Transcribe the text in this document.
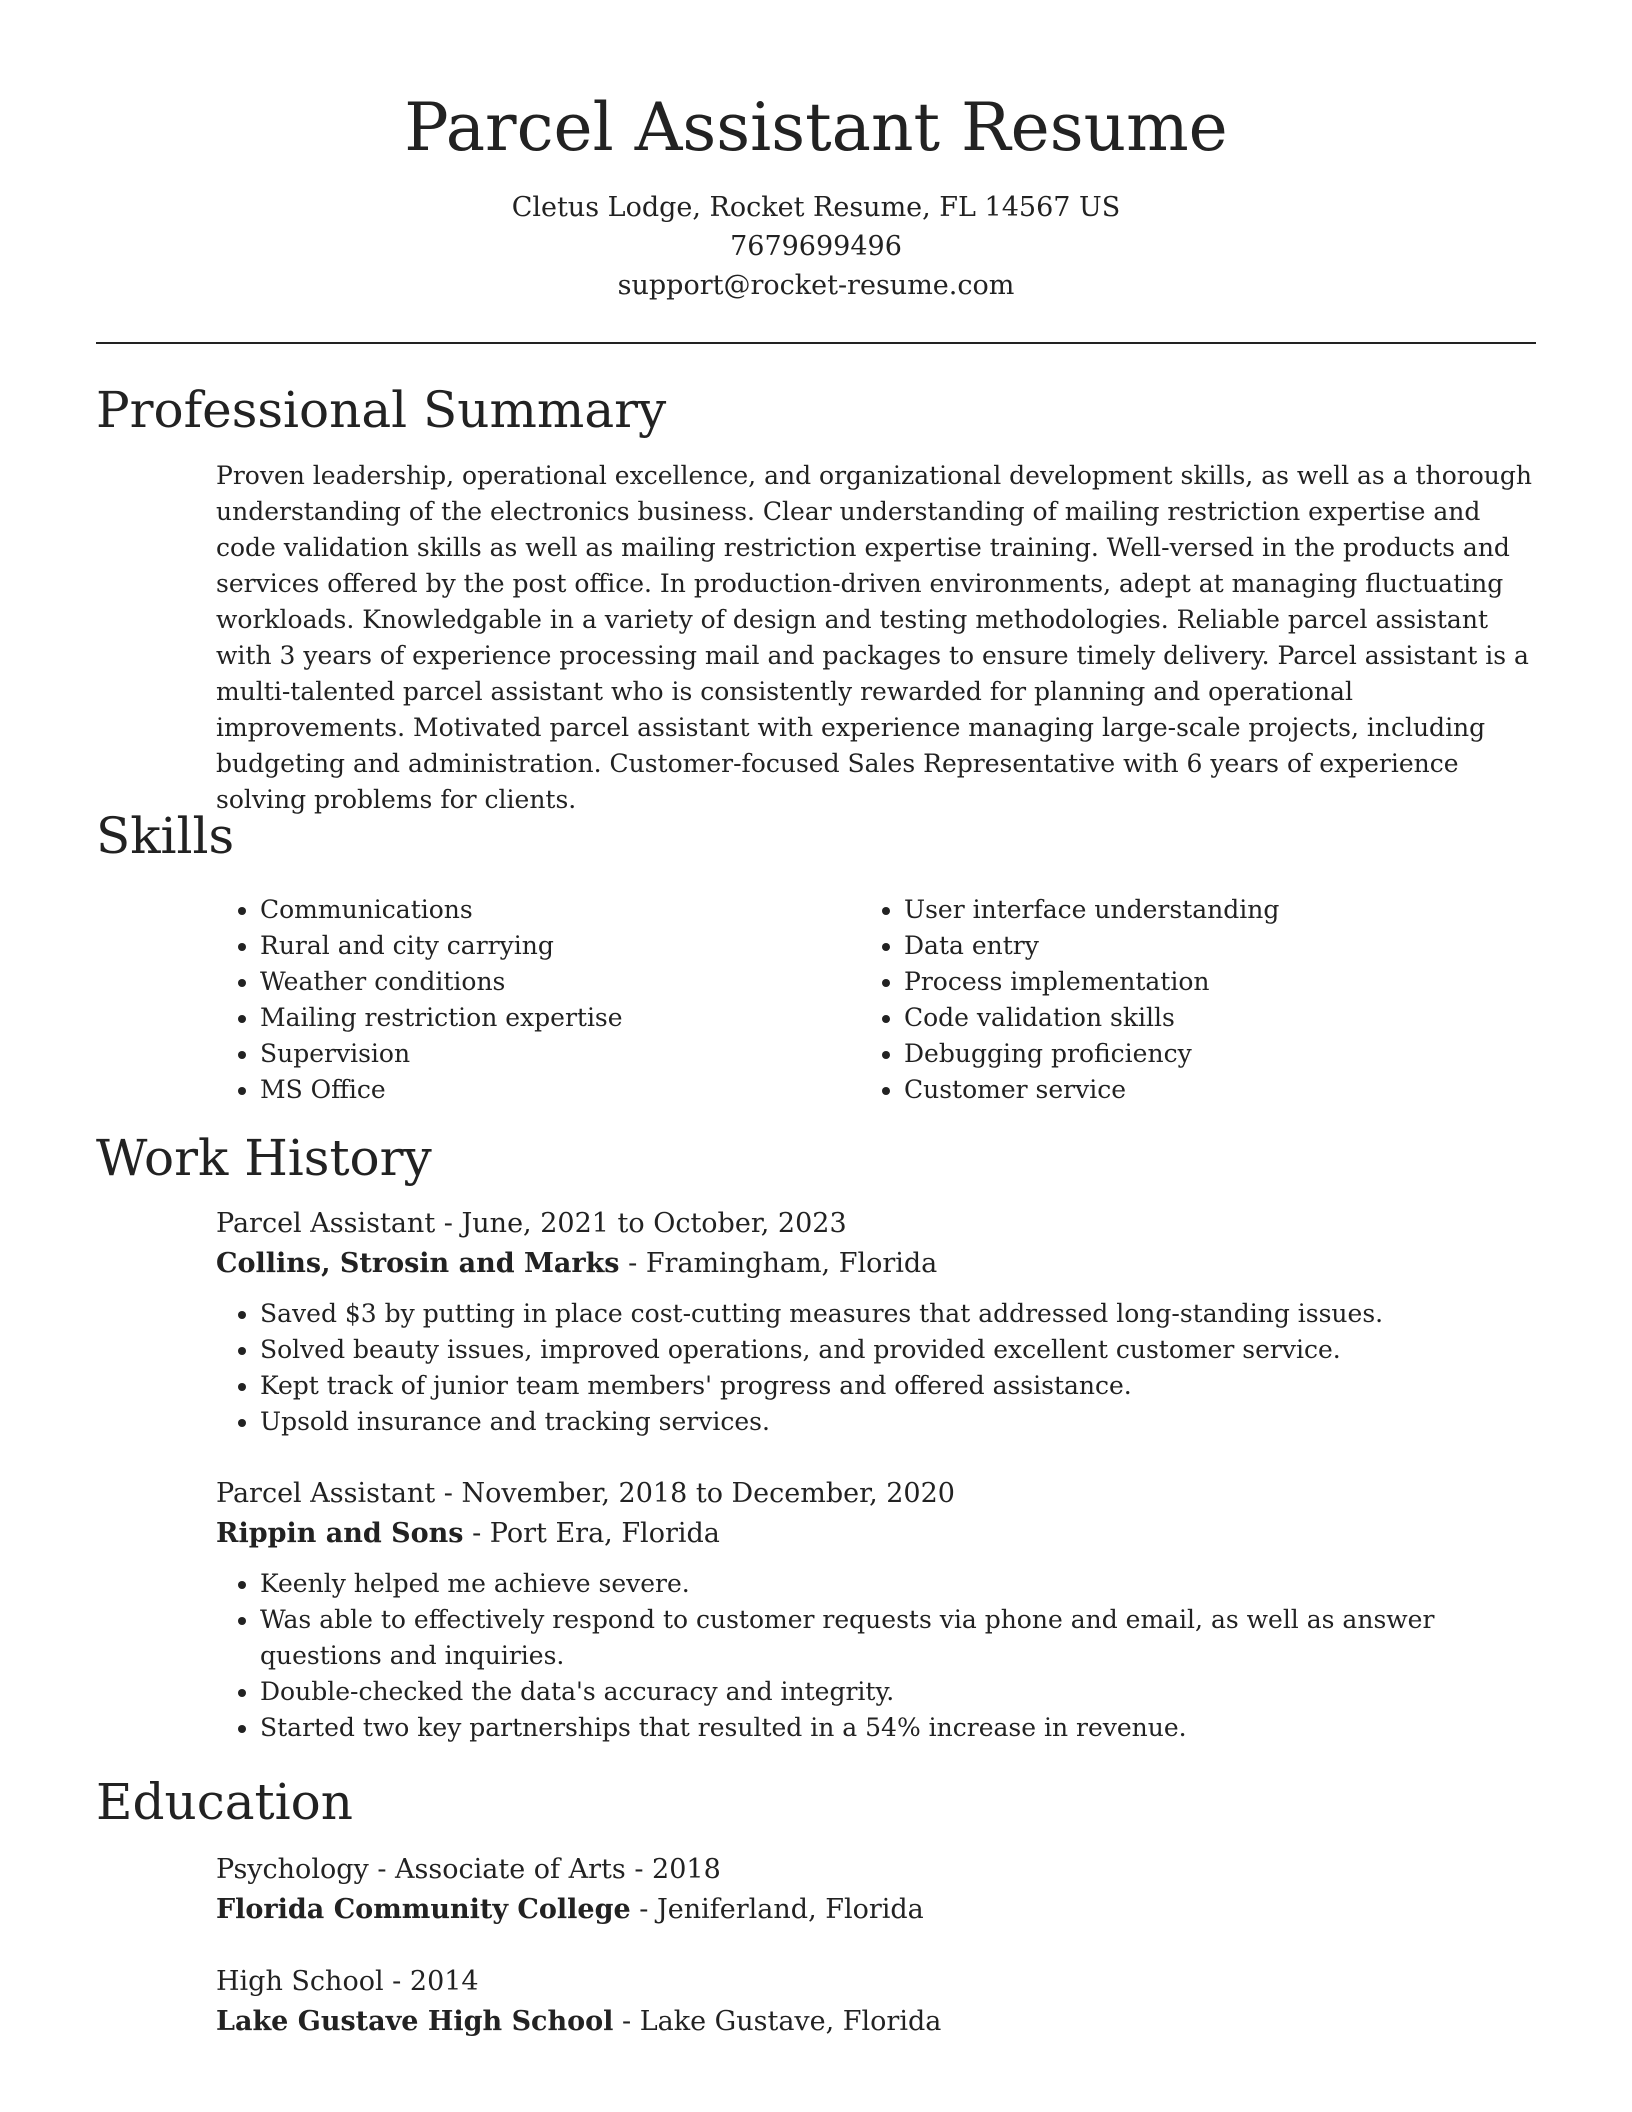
Parcel Assistant Resume

Cletus Lodge, Rocket Resume, FL 14567 US

7679699496

support@rocket-resume.com

Professional Summary

Proven leadership, operational excellence, and organizational development skills, as well as a thorough understanding of the electronics business. Clear understanding of mailing restriction expertise and code validation skills as well as mailing restriction expertise training. Well-versed in the products and services offered by the post office. In production-driven environments, adept at managing fluctuating workloads. Knowledgable in a variety of design and testing methodologies. Reliable parcel assistant with 3 years of experience processing mail and packages to ensure timely delivery. Parcel assistant is a multi-talented parcel assistant who is consistently rewarded for planning and operational improvements. Motivated parcel assistant with experience managing large-scale projects, including budgeting and administration. Customer-focused Sales Representative with 6 years of experience solving problems for clients.

Skills
• Communications
• Rural and city carrying
• Weather conditions
• Mailing restriction expertise
• Supervision
• MS Office
• User interface understanding
• Data entry
• Process implementation
• Code validation skills
• Debugging proficiency
• Customer service
Work History

Parcel Assistant - June, 2021 to October, 2023

Collins, Strosin and Marks - Framingham, Florida

• Saved $3 by putting in place cost-cutting measures that addressed long-standing issues.
• Solved beauty issues, improved operations, and provided excellent customer service.
• Kept track of junior team members' progress and offered assistance.
• Upsold insurance and tracking services.

Parcel Assistant - November, 2018 to December, 2020

Rippin and Sons - Port Era, Florida

• Keenly helped me achieve severe.
• Was able to effectively respond to customer requests via phone and email, as well as answer questions and inquiries.
• Double-checked the data's accuracy and integrity.
• Started two key partnerships that resulted in a 54% increase in revenue.
Education

Psychology - Associate of Arts - 2018

Florida Community College - Jeniferland, Florida

High School - 2014

Lake Gustave High School - Lake Gustave, Florida
